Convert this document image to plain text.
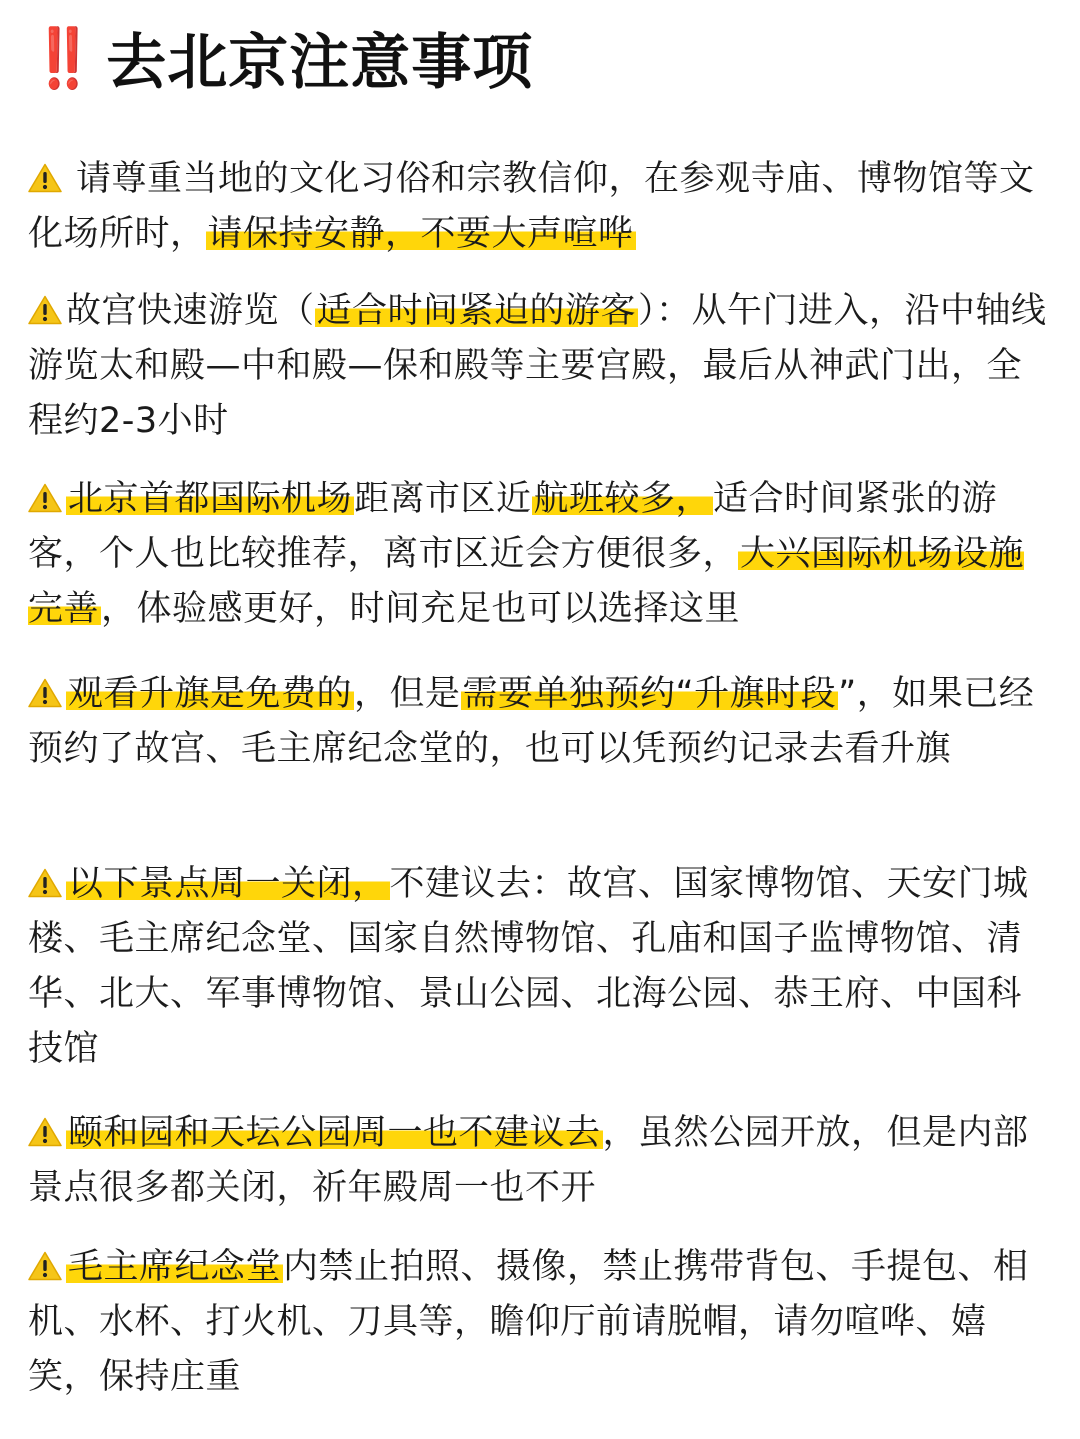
‼️ 去北京注意事项
请尊重当地的文化习俗和宗教信仰，在参观寺庙、博物馆等文化场所时，请保持安静，不要大声喧哗
故宫快速游览（适合时间紧迫的游客）：从午门进入，沿中轴线游览太和殿—中和殿—保和殿等主要宫殿，最后从神武门出，全程约2-3小时
北京首都国际机场距离市区近航班较多，适合时间紧张的游客，个人也比较推荐，离市区近会方便很多，大兴国际机场设施完善，体验感更好，时间充足也可以选择这里
观看升旗是免费的，但是需要单独预约“升旗时段”，如果已经预约了故宫、毛主席纪念堂的，也可以凭预约记录去看升旗
以下景点周一关闭，不建议去：故宫、国家博物馆、天安门城楼、毛主席纪念堂、国家自然博物馆、孔庙和国子监博物馆、清华、北大、军事博物馆、景山公园、北海公园、恭王府、中国科技馆
颐和园和天坛公园周一也不建议去，虽然公园开放，但是内部景点很多都关闭，祈年殿周一也不开
毛主席纪念堂内禁止拍照、摄像，禁止携带背包、手提包、相机、水杯、打火机、刀具等，瞻仰厅前请脱帽，请勿喧哗、嬉笑，保持庄重
